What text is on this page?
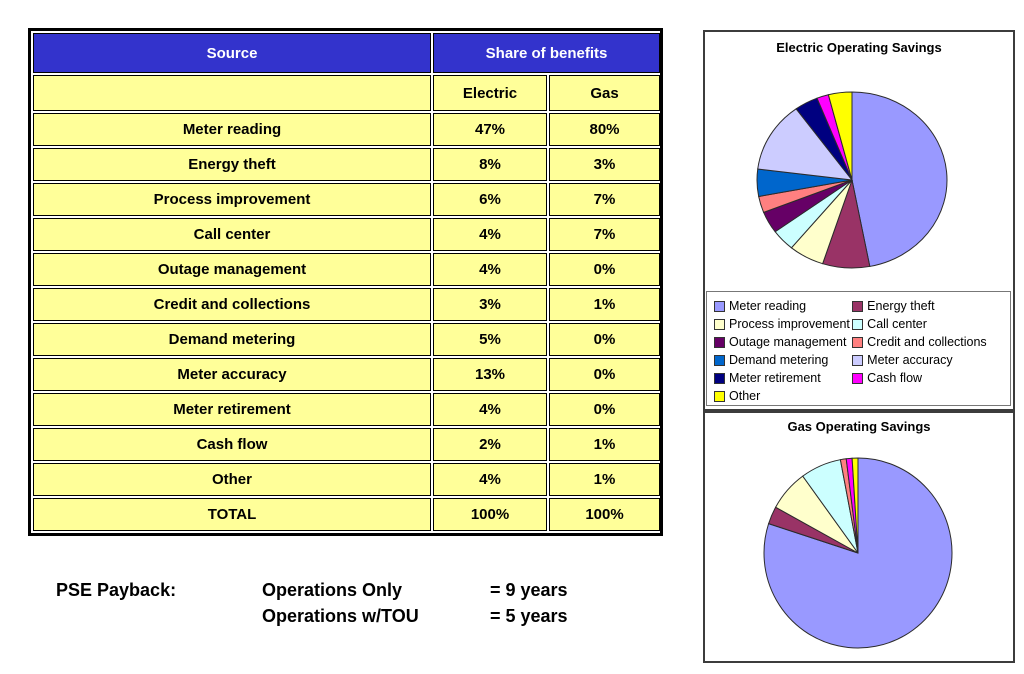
Source	Share of benefits	
	Electric	Gas
Meter reading	47%	80%
Energy theft	8%	3%
Process improvement	6%	7%
Call center	4%	7%
Outage management	4%	0%
Credit and collections	3%	1%
Demand metering	5%	0%
Meter accuracy	13%	0%
Meter retirement	4%	0%
Cash flow	2%	1%
Other	4%	1%
TOTAL	100%	100%
PSE Payback:	Operations Only	= 9 years
Operations w/TOU	= 5 years
Electric Operating Savings
Meter reading	Energy theft
Process improvement Call center
Outage management Credit and collections
Demand metering	Meter accuracy
Meter retirement	Cash flow
Other
Gas Operating Savings
